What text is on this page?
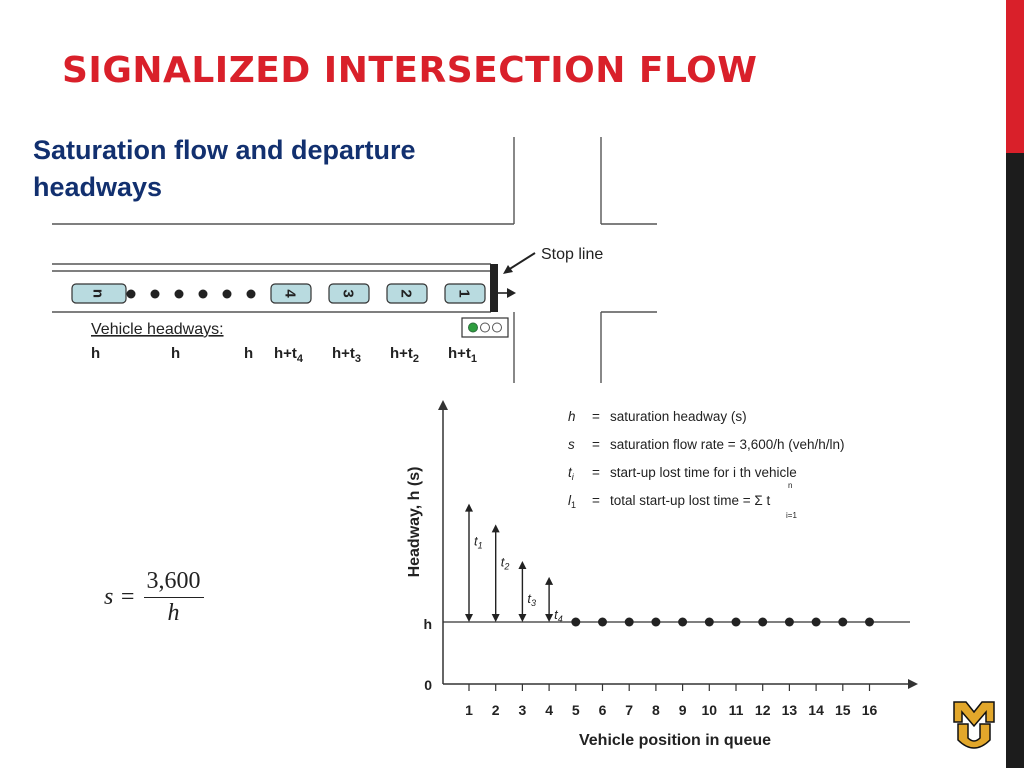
SIGNALIZED INTERSECTION FLOW
Saturation flow and departure headways
Stop line
n	4	3	2	1
Vehicle headways:
h	h	h $h+t_4$ $h+t_3$ $h+t_2$ $h+t_1$
$s = \frac{3,600}{h}$	h
0
Headway, h (s)
Vehicle position in queue
1 2 3 4 5 6 7 8 9 10 11 12 13 14 15 16
$t_1$
$t_2$
$t_3$
$t_4$
h = saturation headway (s)
s = saturation flow rate = 3,600/h (veh/h/ln)
$t_i$ = start-up lost time for i th vehicle
$l_1$ = total start-up lost time = Σ t
n
i=1
MU
